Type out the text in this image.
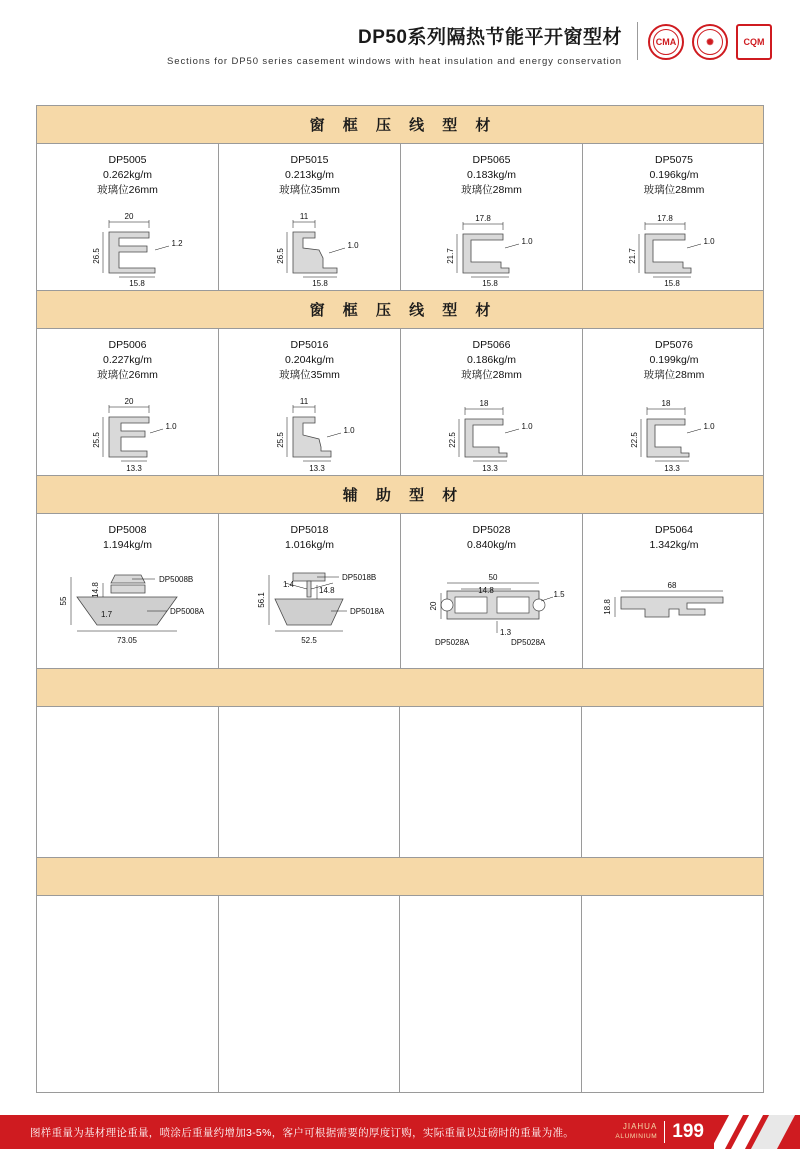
DP50系列隔热节能平开窗型材
Sections for DP50 series casement windows with heat insulation and energy conservation
CMA	✺	CQM
窗 框 压 线 型 材
DP5005
0.262kg/m
玻璃位26mm
20
26.5
1.2
15.8
DP5015
0.213kg/m
玻璃位35mm
11
26.5
1.0
15.8
DP5065
0.183kg/m
玻璃位28mm
17.8
21.7
1.0
15.8
DP5075
0.196kg/m
玻璃位28mm
17.8
21.7
1.0
15.8
窗 框 压 线 型 材
DP5006
0.227kg/m
玻璃位26mm
20
25.5
1.0
13.3
DP5016
0.204kg/m
玻璃位35mm
11
25.5
1.0
13.3
DP5066
0.186kg/m
玻璃位28mm
18
22.5
1.0
13.3
DP5076
0.199kg/m
玻璃位28mm
18
22.5
1.0
13.3
辅 助 型 材
DP5008
1.194kg/m
DP5008B
DP5008A
55
14.8
1.7
73.05
DP5018
1.016kg/m
DP5018B
DP5018A
56.1
1.4
14.8
52.5
DP5028
0.840kg/m
50
14.8
20
1.5
1.3
DP5028A	DP5028A
DP5064
1.342kg/m
68
18.8
图样重量为基材理论重量，喷涂后重量约增加3-5%，客户可根据需要的厚度订购，实际重量以过磅时的重量为准。	JIAHUA
ALUMINIUM 199
